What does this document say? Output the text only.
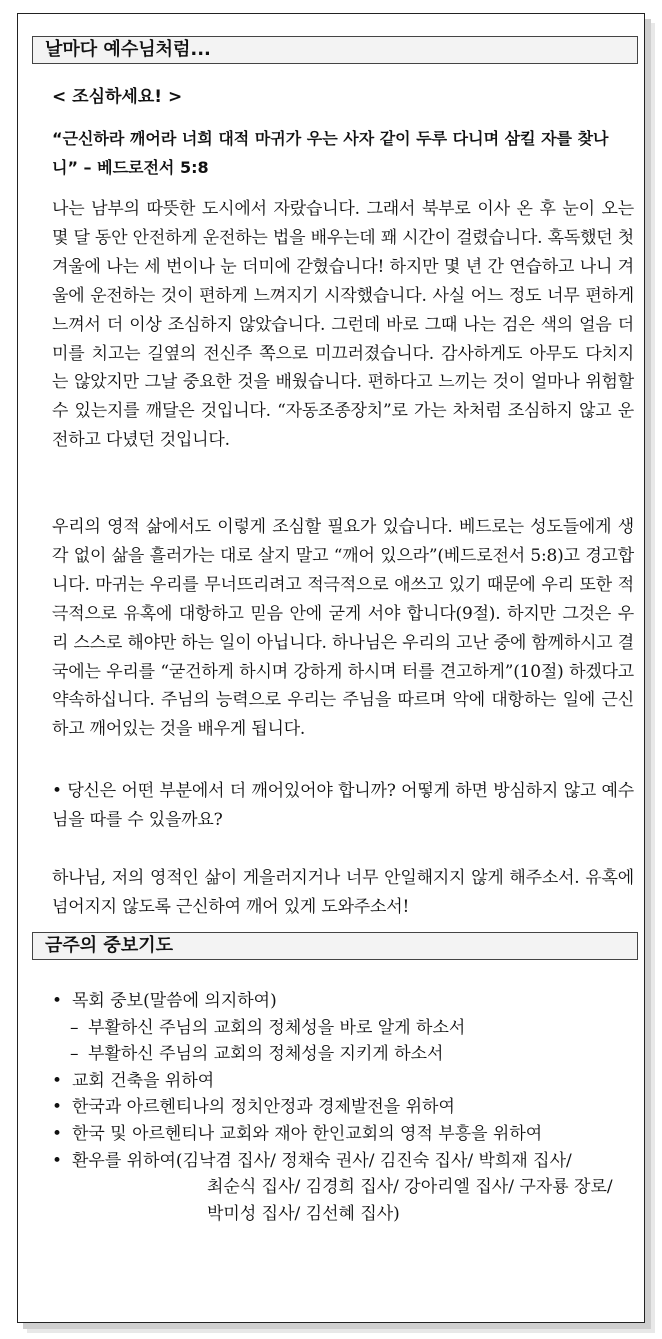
날마다 예수님처럼...
< 조심하세요! >
“근신하라 깨어라 너희 대적 마귀가 우는 사자 같이 두루 다니며 삼킬 자를 찾나니” – 베드로전서 5:8
나는 남부의 따뜻한 도시에서 자랐습니다. 그래서 북부로 이사 온 후 눈이 오는 몇 달 동안 안전하게 운전하는 법을 배우는데 꽤 시간이 걸렸습니다. 혹독했던 첫 겨울에 나는 세 번이나 눈 더미에 갇혔습니다! 하지만 몇 년 간 연습하고 나니 겨울에 운전하는 것이 편하게 느껴지기 시작했습니다. 사실 어느 정도 너무 편하게 느껴서 더 이상 조심하지 않았습니다. 그런데 바로 그때 나는 검은 색의 얼음 더미를 치고는 길옆의 전신주 쪽으로 미끄러졌습니다. 감사하게도 아무도 다치지는 않았지만 그날 중요한 것을 배웠습니다. 편하다고 느끼는 것이 얼마나 위험할 수 있는지를 깨달은 것입니다. “자동조종장치”로 가는 차처럼 조심하지 않고 운전하고 다녔던 것입니다.
우리의 영적 삶에서도 이렇게 조심할 필요가 있습니다. 베드로는 성도들에게 생각 없이 삶을 흘러가는 대로 살지 말고 “깨어 있으라”(베드로전서 5:8)고 경고합니다. 마귀는 우리를 무너뜨리려고 적극적으로 애쓰고 있기 때문에 우리 또한 적극적으로 유혹에 대항하고 믿음 안에 굳게 서야 합니다(9절). 하지만 그것은 우리 스스로 해야만 하는 일이 아닙니다. 하나님은 우리의 고난 중에 함께하시고 결국에는 우리를 “굳건하게 하시며 강하게 하시며 터를 견고하게”(10절) 하겠다고 약속하십니다. 주님의 능력으로 우리는 주님을 따르며 악에 대항하는 일에 근신하고 깨어있는 것을 배우게 됩니다.
• 당신은 어떤 부분에서 더 깨어있어야 합니까? 어떻게 하면 방심하지 않고 예수님을 따를 수 있을까요?
하나님, 저의 영적인 삶이 게을러지거나 너무 안일해지지 않게 해주소서. 유혹에 넘어지지 않도록 근신하여 깨어 있게 도와주소서!
금주의 중보기도
• 목회 중보(말씀에 의지하여)
– 부활하신 주님의 교회의 정체성을 바로 알게 하소서
– 부활하신 주님의 교회의 정체성을 지키게 하소서
• 교회 건축을 위하여
• 한국과 아르헨티나의 정치안정과 경제발전을 위하여
• 한국 및 아르헨티나 교회와 재아 한인교회의 영적 부흥을 위하여
• 환우를 위하여(김낙겸 집사/ 정채숙 권사/ 김진숙 집사/ 박희재 집사/
최순식 집사/ 김경희 집사/ 강아리엘 집사/ 구자룡 장로/
박미성 집사/ 김선혜 집사)
